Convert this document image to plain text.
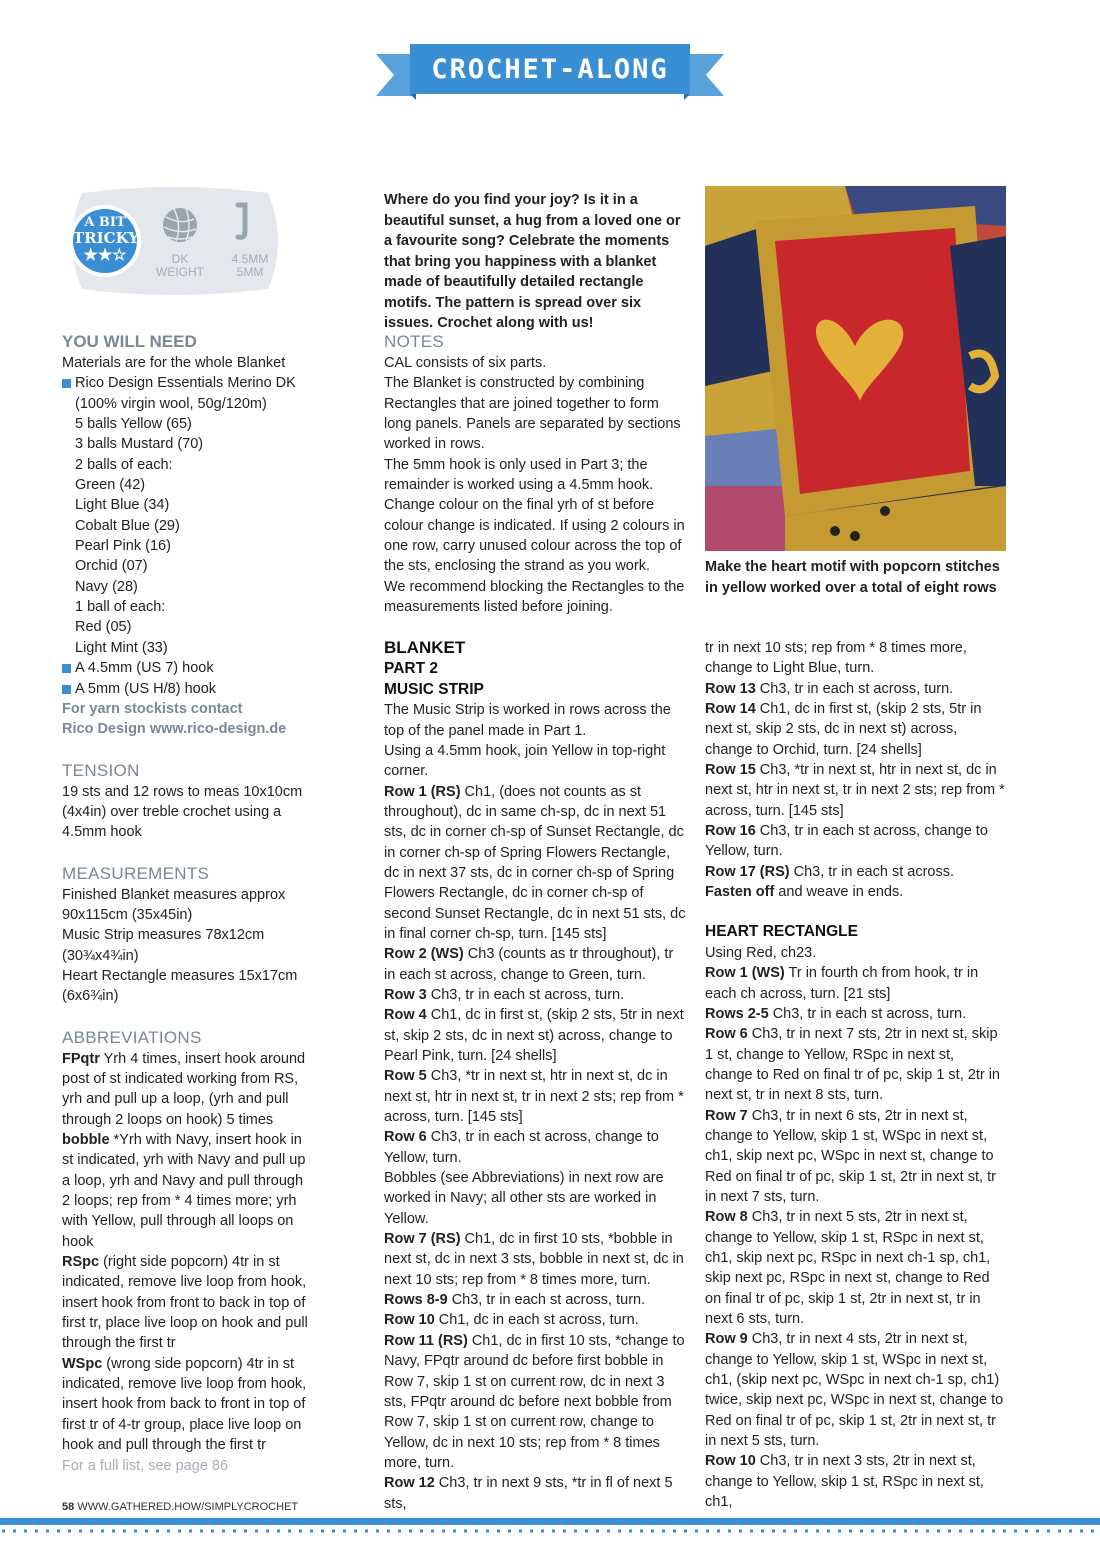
CROCHET-ALONG
A BIT
TRICKY
★★☆	DK
WEIGHT
4.5MM
5MM
YOU WILL NEED

Materials are for the whole Blanket

Rico Design Essentials Merino DK

(100% virgin wool, 50g/120m)

5 balls Yellow (65)

3 balls Mustard (70)

2 balls of each:

Green (42)

Light Blue (34)

Cobalt Blue (29)

Pearl Pink (16)

Orchid (07)

Navy (28)

1 ball of each:

Red (05)

Light Mint (33)

A 4.5mm (US 7) hook

A 5mm (US H/8) hook

For yarn stockists contact

Rico Design www.rico-design.de

TENSION

19 sts and 12 rows to meas 10x10cm (4x4in) over treble crochet using a 4.5mm hook

MEASUREMENTS

Finished Blanket measures approx 90x115cm (35x45in)

Music Strip measures 78x12cm (30¾x4¾in)

Heart Rectangle measures 15x17cm (6x6¾in)

ABBREVIATIONS

FPqtr Yrh 4 times, insert hook around post of st indicated working from RS, yrh and pull up a loop, (yrh and pull through 2 loops on hook) 5 times

bobble *Yrh with Navy, insert hook in st indicated, yrh with Navy and pull up a loop, yrh and Navy and pull through 2 loops; rep from * 4 times more; yrh with Yellow, pull through all loops on hook

RSpc (right side popcorn) 4tr in st indicated, remove live loop from hook, insert hook from front to back in top of first tr, place live loop on hook and pull through the first tr

WSpc (wrong side popcorn) 4tr in st indicated, remove live loop from hook, insert hook from back to front in top of first tr of 4-tr group, place live loop on hook and pull through the first tr

For a full list, see page 86

Where do you find your joy? Is it in a beautiful sunset, a hug from a loved one or a favourite song? Celebrate the moments that bring you happiness with a blanket made of beautifully detailed rectangle motifs. The pattern is spread over six issues. Crochet along with us!
Make the heart motif with popcorn stitches in yellow worked over a total of eight rows
NOTES

CAL consists of six parts.

The Blanket is constructed by combining Rectangles that are joined together to form long panels. Panels are separated by sections worked in rows.

The 5mm hook is only used in Part 3; the remainder is worked using a 4.5mm hook.

Change colour on the final yrh of st before colour change is indicated. If using 2 colours in one row, carry unused colour across the top of the sts, enclosing the strand as you work.

We recommend blocking the Rectangles to the measurements listed before joining.

BLANKET
PART 2
MUSIC STRIP

The Music Strip is worked in rows across the top of the panel made in Part 1.

Using a 4.5mm hook, join Yellow in top-right corner.

Row 1 (RS) Ch1, (does not counts as st throughout), dc in same ch-sp, dc in next 51 sts, dc in corner ch-sp of Sunset Rectangle, dc in corner ch-sp of Spring Flowers Rectangle, dc in next 37 sts, dc in corner ch-sp of Spring Flowers Rectangle, dc in corner ch-sp of second Sunset Rectangle, dc in next 51 sts, dc in final corner ch-sp, turn. [145 sts]

Row 2 (WS) Ch3 (counts as tr throughout), tr in each st across, change to Green, turn.

Row 3 Ch3, tr in each st across, turn.

Row 4 Ch1, dc in first st, (skip 2 sts, 5tr in next st, skip 2 sts, dc in next st) across, change to Pearl Pink, turn. [24 shells]

Row 5 Ch3, *tr in next st, htr in next st, dc in next st, htr in next st, tr in next 2 sts; rep from * across, turn. [145 sts]

Row 6 Ch3, tr in each st across, change to Yellow, turn.

Bobbles (see Abbreviations) in next row are worked in Navy; all other sts are worked in Yellow.

Row 7 (RS) Ch1, dc in first 10 sts, *bobble in next st, dc in next 3 sts, bobble in next st, dc in next 10 sts; rep from * 8 times more, turn.

Rows 8-9 Ch3, tr in each st across, turn.

Row 10 Ch1, dc in each st across, turn.

Row 11 (RS) Ch1, dc in first 10 sts, *change to Navy, FPqtr around dc before first bobble in Row 7, skip 1 st on current row, dc in next 3 sts, FPqtr around dc before next bobble from Row 7, skip 1 st on current row, change to Yellow, dc in next 10 sts; rep from * 8 times more, turn.

Row 12 Ch3, tr in next 9 sts, *tr in fl of next 5 sts,

tr in next 10 sts; rep from * 8 times more, change to Light Blue, turn.

Row 13 Ch3, tr in each st across, turn.

Row 14 Ch1, dc in first st, (skip 2 sts, 5tr in next st, skip 2 sts, dc in next st) across, change to Orchid, turn. [24 shells]

Row 15 Ch3, *tr in next st, htr in next st, dc in next st, htr in next st, tr in next 2 sts; rep from * across, turn. [145 sts]

Row 16 Ch3, tr in each st across, change to Yellow, turn.

Row 17 (RS) Ch3, tr in each st across.

Fasten off and weave in ends.

HEART RECTANGLE

Using Red, ch23.

Row 1 (WS) Tr in fourth ch from hook, tr in each ch across, turn. [21 sts]

Rows 2-5 Ch3, tr in each st across, turn.

Row 6 Ch3, tr in next 7 sts, 2tr in next st, skip 1 st, change to Yellow, RSpc in next st, change to Red on final tr of pc, skip 1 st, 2tr in next st, tr in next 8 sts, turn.

Row 7 Ch3, tr in next 6 sts, 2tr in next st, change to Yellow, skip 1 st, WSpc in next st, ch1, skip next pc, WSpc in next st, change to Red on final tr of pc, skip 1 st, 2tr in next st, tr in next 7 sts, turn.

Row 8 Ch3, tr in next 5 sts, 2tr in next st, change to Yellow, skip 1 st, RSpc in next st, ch1, skip next pc, RSpc in next ch-1 sp, ch1, skip next pc, RSpc in next st, change to Red on final tr of pc, skip 1 st, 2tr in next st, tr in next 6 sts, turn.

Row 9 Ch3, tr in next 4 sts, 2tr in next st, change to Yellow, skip 1 st, WSpc in next st, ch1, (skip next pc, WSpc in next ch-1 sp, ch1) twice, skip next pc, WSpc in next st, change to Red on final tr of pc, skip 1 st, 2tr in next st, tr in next 5 sts, turn.

Row 10 Ch3, tr in next 3 sts, 2tr in next st, change to Yellow, skip 1 st, RSpc in next st, ch1,

58 WWW.GATHERED.HOW/SIMPLYCROCHET
